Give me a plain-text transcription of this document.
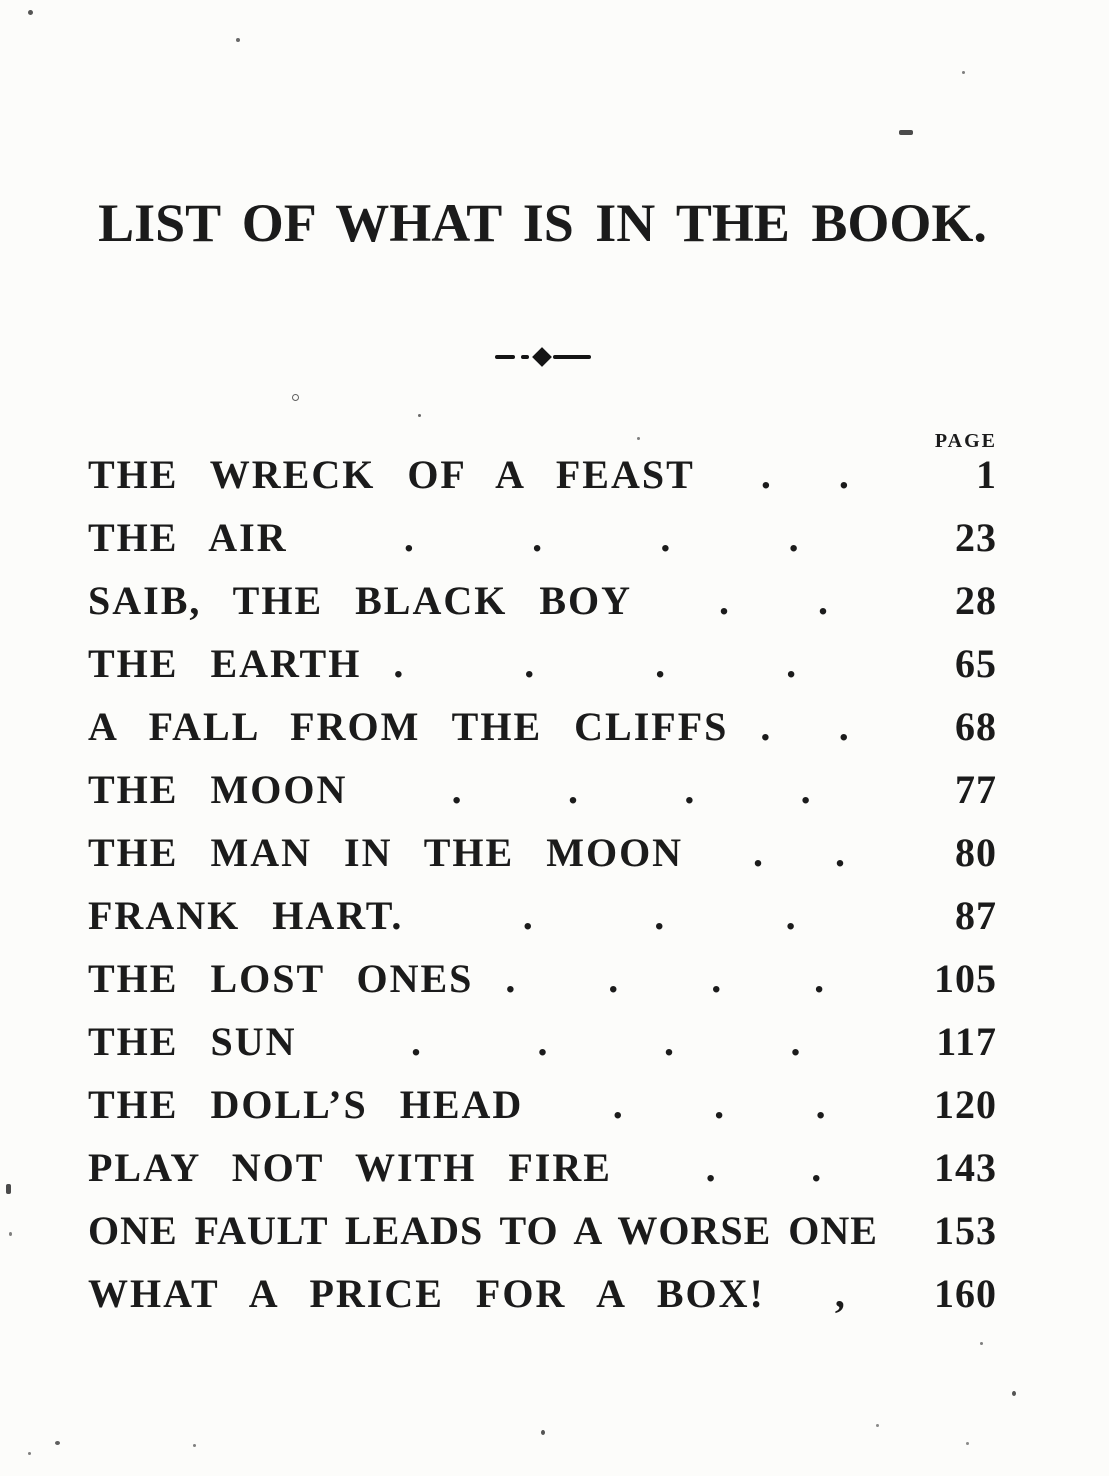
LIST OF WHAT IS IN THE BOOK.
PAGE
THE WRECK OF A FEAST . .	1
THE AIR	.	.	.	.	23
SAIB, THE BLACK BOY . .	28
THE EARTH .	.	.	.	65
A FALL FROM THE CLIFFS . .	68
THE MOON	.	.	.	.	77
THE MAN IN THE MOON . .	80
FRANK HART.	.	.	.	87
THE LOST ONES . . . .	105
THE SUN	.	.	.	.	117
THE DOLL’S HEAD . . .	120
PLAY NOT WITH FIRE . .	143
ONE FAULT LEADS TO A WORSE ONE	153
WHAT A PRICE FOR A BOX! ,	160
